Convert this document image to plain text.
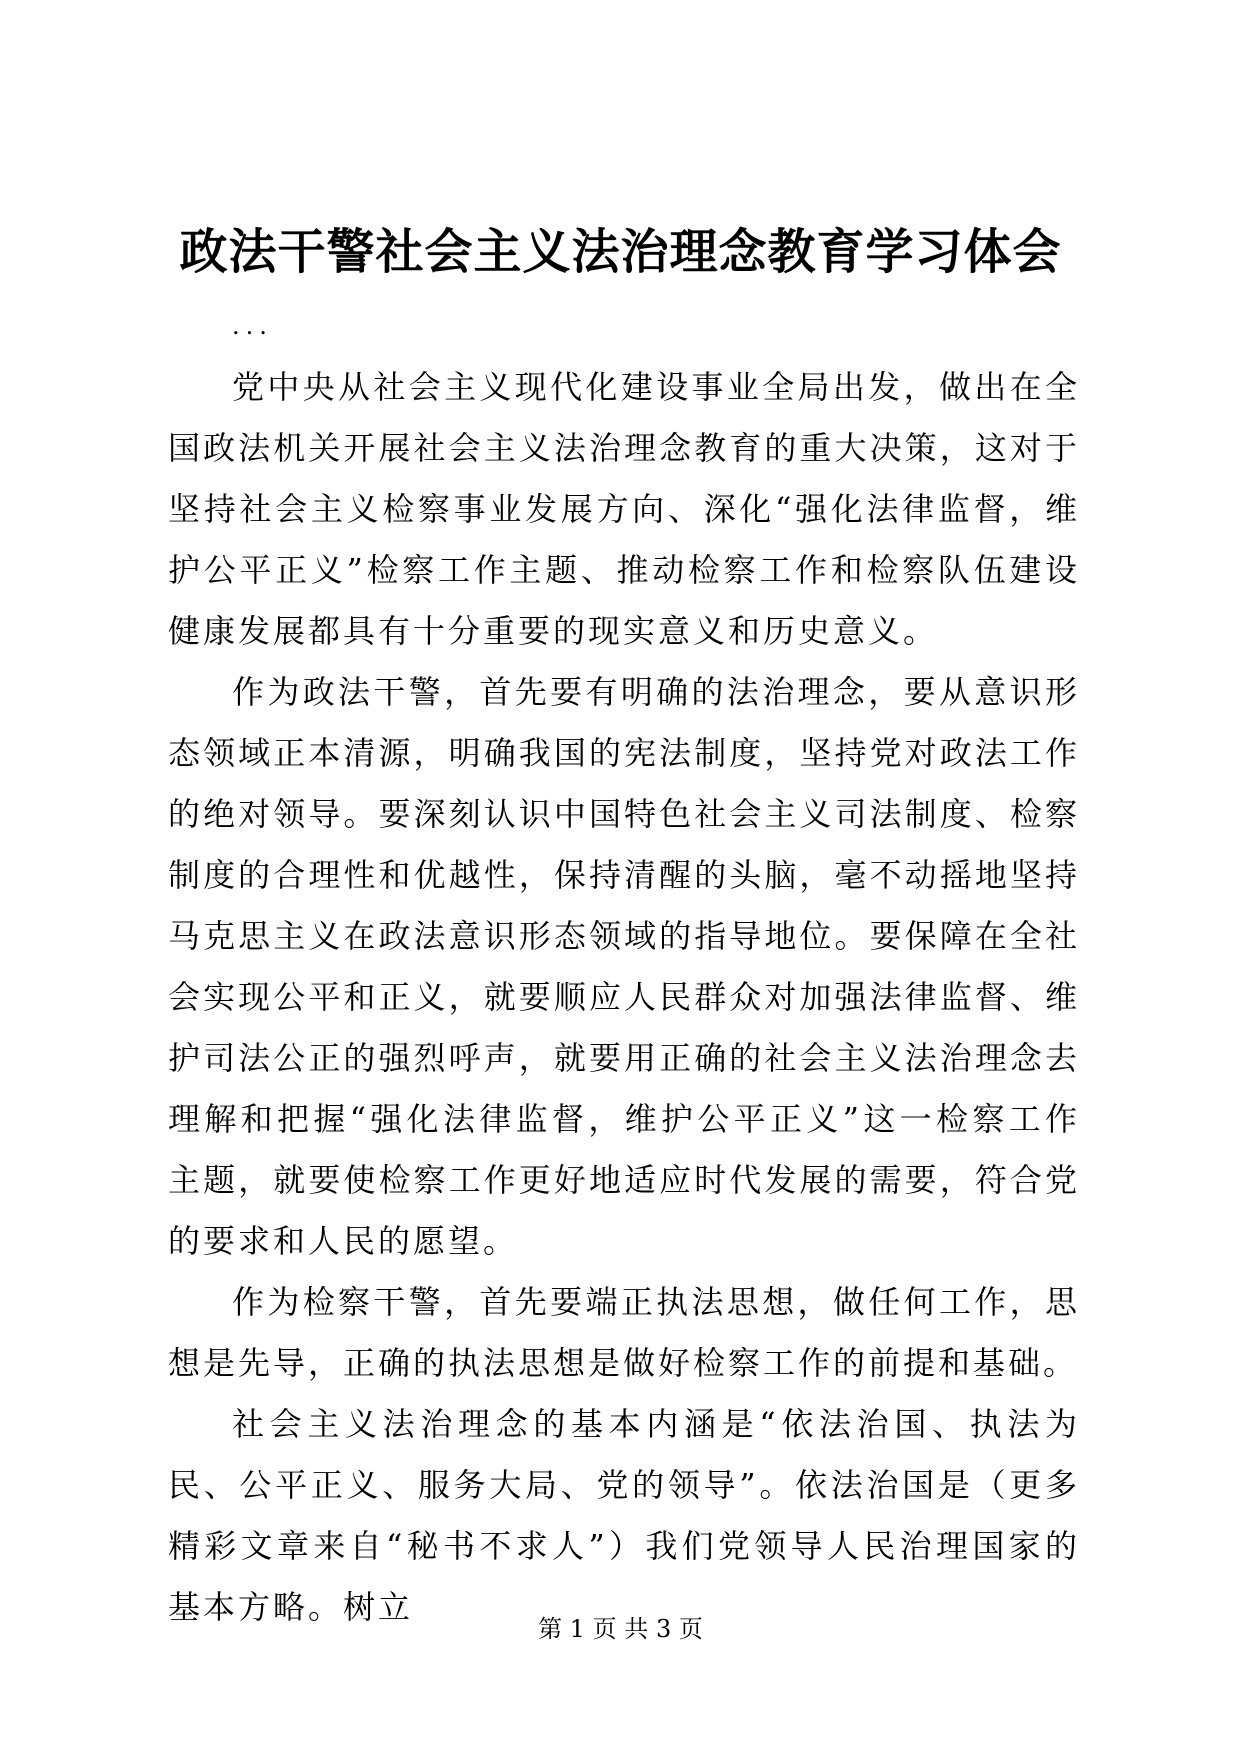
政法干警社会主义法治理念教育学习体会

...

党中央从社会主义现代化建设事业全局出发，做出在全国政法机关开展社会主义法治理念教育的重大决策，这对于坚持社会主义检察事业发展方向、深化“强化法律监督，维护公平正义”检察工作主题、推动检察工作和检察队伍建设健康发展都具有十分重要的现实意义和历史意义。

作为政法干警，首先要有明确的法治理念，要从意识形态领域正本清源，明确我国的宪法制度，坚持党对政法工作的绝对领导。要深刻认识中国特色社会主义司法制度、检察制度的合理性和优越性，保持清醒的头脑，毫不动摇地坚持马克思主义在政法意识形态领域的指导地位。要保障在全社会实现公平和正义，就要顺应人民群众对加强法律监督、维护司法公正的强烈呼声，就要用正确的社会主义法治理念去理解和把握“强化法律监督，维护公平正义”这一检察工作主题，就要使检察工作更好地适应时代发展的需要，符合党的要求和人民的愿望。

作为检察干警，首先要端正执法思想，做任何工作，思想是先导，正确的执法思想是做好检察工作的前提和基础。

社会主义法治理念的基本内涵是“依法治国、执法为民、公平正义、服务大局、党的领导”。依法治国是（更多精彩文章来自“秘书不求人”）我们党领导人民治理国家的基本方略。树立

第 1 页 共 3 页
